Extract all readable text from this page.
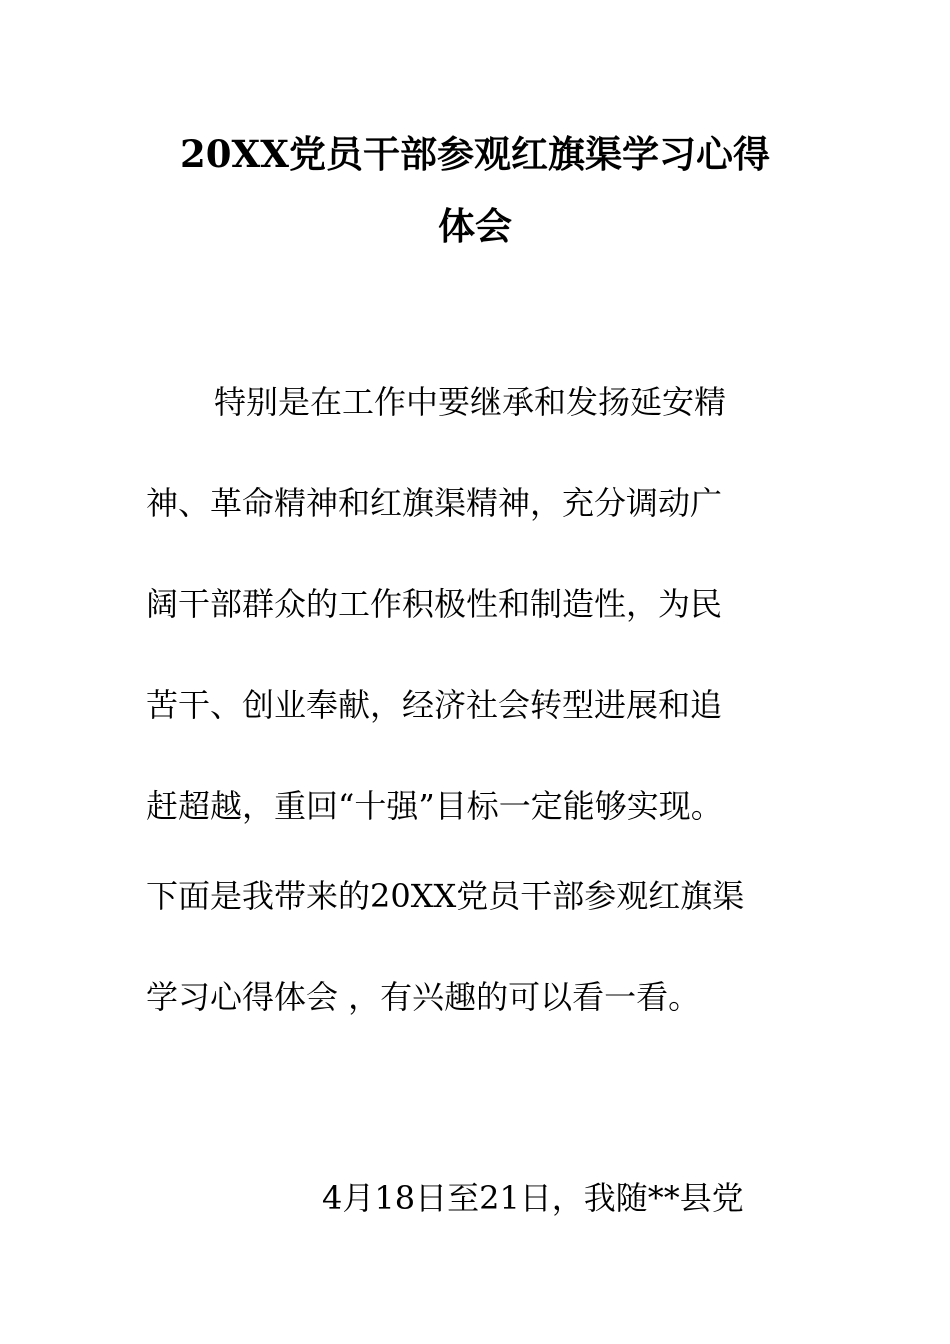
20XX党员干部参观红旗渠学习心得
体会
特别是在工作中要继承和发扬延安精
神、革命精神和红旗渠精神，充分调动广
阔干部群众的工作积极性和制造性，为民
苦干、创业奉献，经济社会转型进展和追
赶超越，重回“十强”目标一定能够实现。
下面是我带来的20XX党员干部参观红旗渠
学习心得体会 ，有兴趣的可以看一看。
4月18日至21日，我随**县党
